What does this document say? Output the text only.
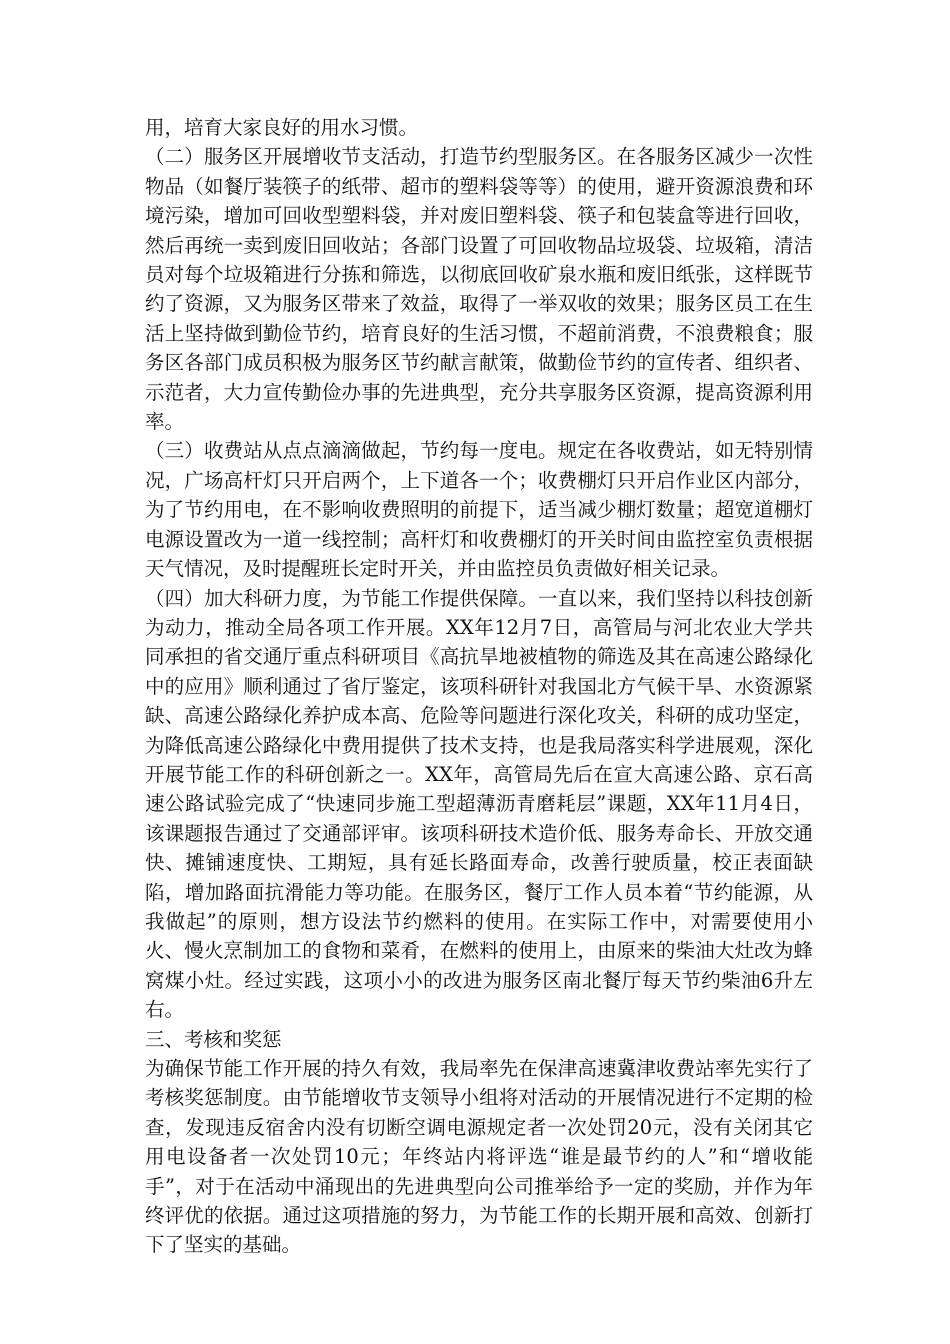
用，培育大家良好的用水习惯。

（二）服务区开展增收节支活动，打造节约型服务区。在各服务区减少一次性物品（如餐厅装筷子的纸带、超市的塑料袋等等）的使用，避开资源浪费和环境污染，增加可回收型塑料袋，并对废旧塑料袋、筷子和包装盒等进行回收，然后再统一卖到废旧回收站；各部门设置了可回收物品垃圾袋、垃圾箱，清洁员对每个垃圾箱进行分拣和筛选，以彻底回收矿泉水瓶和废旧纸张，这样既节约了资源，又为服务区带来了效益，取得了一举双收的效果；服务区员工在生活上坚持做到勤俭节约，培育良好的生活习惯，不超前消费，不浪费粮食；服务区各部门成员积极为服务区节约献言献策，做勤俭节约的宣传者、组织者、示范者，大力宣传勤俭办事的先进典型，充分共享服务区资源，提高资源利用率。

（三）收费站从点点滴滴做起，节约每一度电。规定在各收费站，如无特别情况，广场高杆灯只开启两个，上下道各一个；收费棚灯只开启作业区内部分，为了节约用电，在不影响收费照明的前提下，适当减少棚灯数量；超宽道棚灯电源设置改为一道一线控制；高杆灯和收费棚灯的开关时间由监控室负责根据天气情况，及时提醒班长定时开关，并由监控员负责做好相关记录。

（四）加大科研力度，为节能工作提供保障。一直以来，我们坚持以科技创新为动力，推动全局各项工作开展。XX年12月7日，高管局与河北农业大学共同承担的省交通厅重点科研项目《高抗旱地被植物的筛选及其在高速公路绿化中的应用》顺利通过了省厅鉴定，该项科研针对我国北方气候干旱、水资源紧缺、高速公路绿化养护成本高、危险等问题进行深化攻关，科研的成功坚定，为降低高速公路绿化中费用提供了技术支持，也是我局落实科学进展观，深化开展节能工作的科研创新之一。XX年，高管局先后在宣大高速公路、京石高速公路试验完成了“快速同步施工型超薄沥青磨耗层”课题，XX年11月4日，该课题报告通过了交通部评审。该项科研技术造价低、服务寿命长、开放交通快、摊铺速度快、工期短，具有延长路面寿命，改善行驶质量，校正表面缺陷，增加路面抗滑能力等功能。在服务区，餐厅工作人员本着“节约能源，从我做起”的原则，想方设法节约燃料的使用。在实际工作中，对需要使用小火、慢火烹制加工的食物和菜肴，在燃料的使用上，由原来的柴油大灶改为蜂窝煤小灶。经过实践，这项小小的改进为服务区南北餐厅每天节约柴油6升左右。

三、考核和奖惩

为确保节能工作开展的持久有效，我局率先在保津高速冀津收费站率先实行了考核奖惩制度。由节能增收节支领导小组将对活动的开展情况进行不定期的检查，发现违反宿舍内没有切断空调电源规定者一次处罚20元，没有关闭其它用电设备者一次处罚10元；年终站内将评选“谁是最节约的人”和“增收能手”，对于在活动中涌现出的先进典型向公司推举给予一定的奖励，并作为年终评优的依据。通过这项措施的努力，为节能工作的长期开展和高效、创新打下了坚实的基础。
